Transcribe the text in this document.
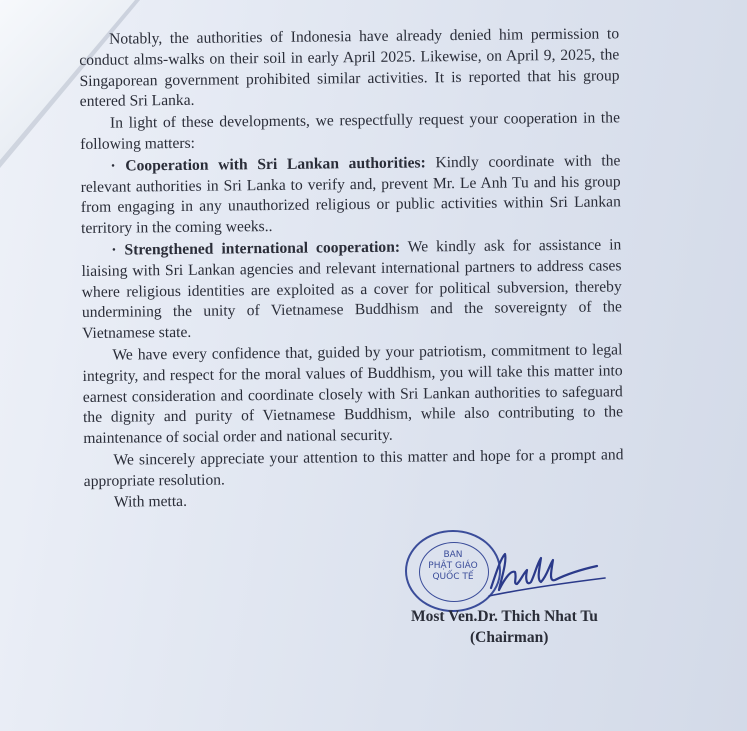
Notably, the authorities of Indonesia have already denied him permission to conduct alms-walks on their soil in early April 2025. Likewise, on April 9, 2025, the Singaporean government prohibited similar activities. It is reported that his group entered Sri Lanka.

In light of these developments, we respectfully request your cooperation in the following matters:

· Cooperation with Sri Lankan authorities: Kindly coordinate with the relevant authorities in Sri Lanka to verify and, prevent Mr. Le Anh Tu and his group from engaging in any unauthorized religious or public activities within Sri Lankan territory in the coming weeks..

· Strengthened international cooperation: We kindly ask for assistance in liaising with Sri Lankan agencies and relevant international partners to address cases where religious identities are exploited as a cover for political subversion, thereby undermining the unity of Vietnamese Buddhism and the sovereignty of the Vietnamese state.

We have every confidence that, guided by your patriotism, commitment to legal integrity, and respect for the moral values of Buddhism, you will take this matter into earnest consideration and coordinate closely with Sri Lankan authorities to safeguard the dignity and purity of Vietnamese Buddhism, while also contributing to the maintenance of social order and national security.

We sincerely appreciate your attention to this matter and hope for a prompt and appropriate resolution.

With metta.

BAN
PHẬT GIÁO
QUỐC TẾ
Most Ven.Dr. Thich Nhat Tu
(Chairman)
